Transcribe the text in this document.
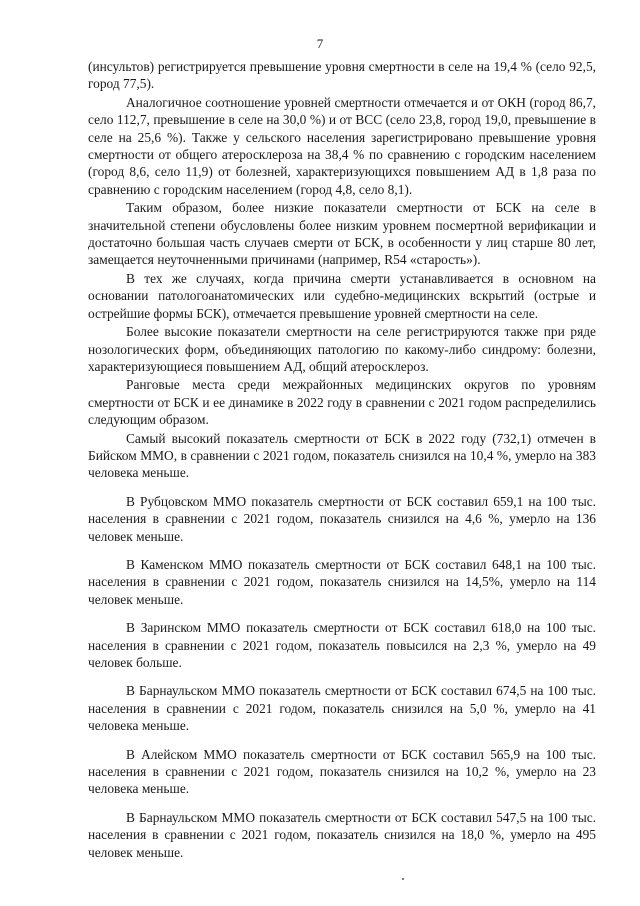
7

(инсультов) регистрируется превышение уровня смертности в селе на 19,4 % (село 92,5, город 77,5).

Аналогичное соотношение уровней смертности отмечается и от ОКН (город 86,7, село 112,7, превышение в селе на 30,0 %) и от ВСС (село 23,8, город 19,0, превышение в селе на 25,6 %). Также у сельского населения зарегистрировано превышение уровня смертности от общего атеросклероза на 38,4 % по сравнению с городским населением (город 8,6, село 11,9) от болезней, характеризующихся повышением АД в 1,8 раза по сравнению с городским населением (город 4,8, село 8,1).

Таким образом, более низкие показатели смертности от БСК на селе в значительной степени обусловлены более низким уровнем посмертной верификации и достаточно большая часть случаев смерти от БСК, в особенности у лиц старше 80 лет, замещается неуточненными причинами (например, R54 «старость»).

В тех же случаях, когда причина смерти устанавливается в основном на основании патологоанатомических или судебно-медицинских вскрытий (острые и острейшие формы БСК), отмечается превышение уровней смертности на селе.

Более высокие показатели смертности на селе регистрируются также при ряде нозологических форм, объединяющих патологию по какому-либо синдрому: болезни, характеризующиеся повышением АД, общий атеросклероз.

Ранговые места среди межрайонных медицинских округов по уровням смертности от БСК и ее динамике в 2022 году в сравнении с 2021 годом распределились следующим образом.

Самый высокий показатель смертности от БСК в 2022 году (732,1) отмечен в Бийском ММО, в сравнении с 2021 годом, показатель снизился на 10,4 %, умерло на 383 человека меньше.

В Рубцовском ММО показатель смертности от БСК составил 659,1 на 100 тыс. населения в сравнении с 2021 годом, показатель снизился на 4,6 %, умерло на 136 человек меньше.

В Каменском ММО показатель смертности от БСК составил 648,1 на 100 тыс. населения в сравнении с 2021 годом, показатель снизился на 14,5%, умерло на 114 человек меньше.

В Заринском ММО показатель смертности от БСК составил 618,0 на 100 тыс. населения в сравнении с 2021 годом, показатель повысился на 2,3 %, умерло на 49 человек больше.

В Барнаульском ММО показатель смертности от БСК составил 674,5 на 100 тыс. населения в сравнении с 2021 годом, показатель снизился на 5,0 %, умерло на 41 человека меньше.

В Алейском ММО показатель смертности от БСК составил 565,9 на 100 тыс. населения в сравнении с 2021 годом, показатель снизился на 10,2 %, умерло на 23 человека меньше.

В Барнаульском ММО показатель смертности от БСК составил 547,5 на 100 тыс. населения в сравнении с 2021 годом, показатель снизился на 18,0 %, умерло на 495 человек меньше.
